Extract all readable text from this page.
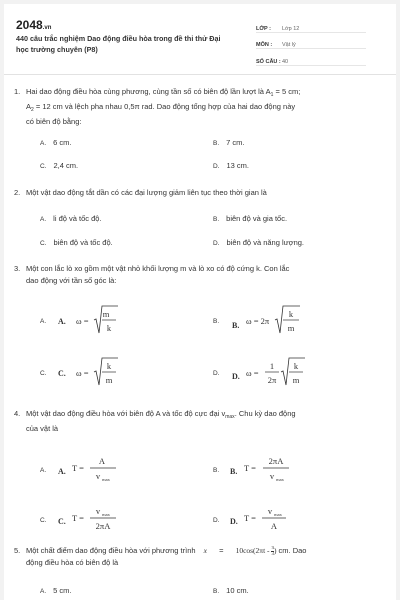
2048.vn
440 câu trắc nghiệm Dao động điều hòa trong đề thi thử Đại học trường chuyên (P8)
LỚP :	Lớp 12
MÔN :	Vật lý
SỐ CÂU : 40
1. Hai dao động điều hòa cùng phương, cùng tần số có biên độ lần lượt là $A_1 = 5$ cm;
$A_2 = 12$ cm và lệch pha nhau 0,5π rad. Dao động tổng hợp của hai dao động này
có biên độ bằng:
A. 6 cm.	B. 7 cm.
C. 2,4 cm.	D. 13 cm.
2. Một vật dao động tắt dần có các đại lượng giảm liên tục theo thời gian là
A. li độ và tốc độ.	B. biên độ và gia tốc.
C. biên độ và tốc độ.	D. biên độ và năng lượng.
3. Một con lắc lò xo gồm một vật nhỏ khối lượng m và lò xo có độ cứng k. Con lắc
dao động với tần số góc là:
A.	A. ω =
m
k
B.	B. ω = 2π
k
m
C.	C. ω =
k
m
D.	D. ω =
1
2π
k
m
4. Một vật dao động điều hòa với biên độ A và tốc độ cực đại $v_{max}$. Chu kỳ dao động
của vật là
A.	A. T =
A
v max
B.	B. T =
2πA
v max
C.	C. T =
v max
2πA
D.	D. T =
v max
A
5. Một chất điểm dao động điều hòa với phương trình $x = 10\cos(2\pi t - \frac{\pi}{3}$ ) cm. Dao
động điều hòa có biên độ là
A. 5 cm.	B. 10 cm.
